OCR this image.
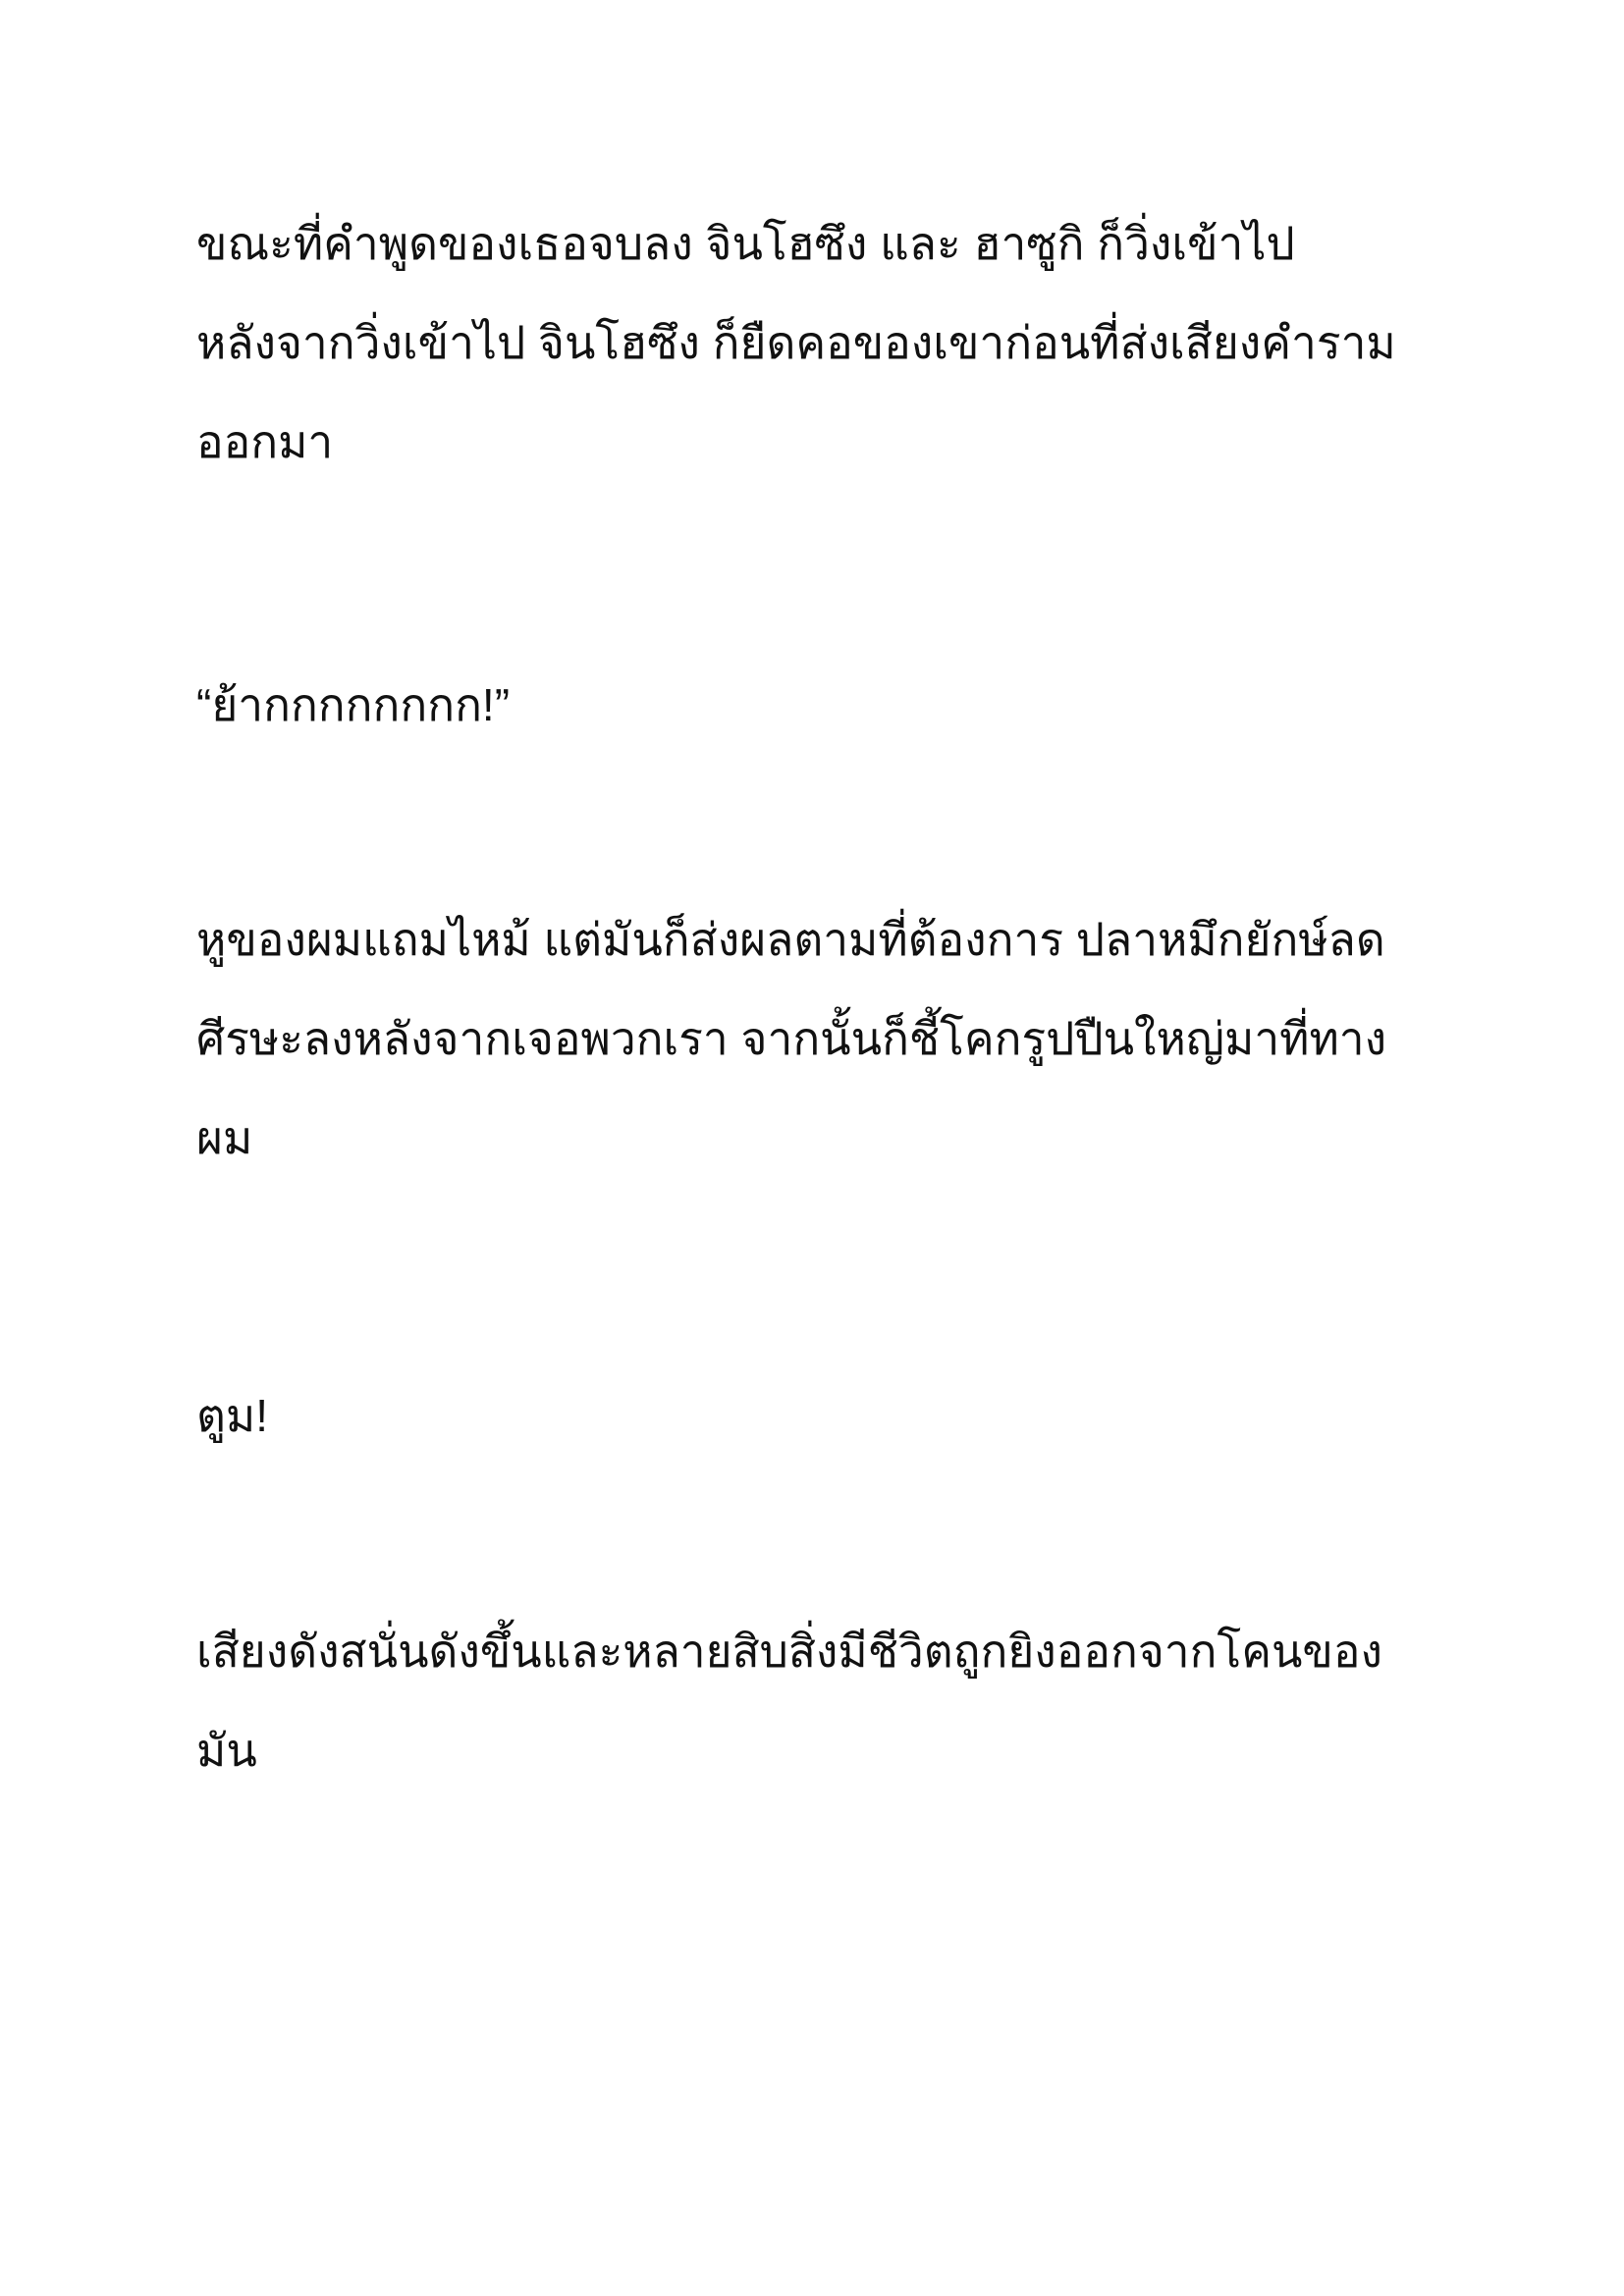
ขณะที่คำพูดของเธอจบลง จินโฮซึง และ ฮาซูกิ ก็วิ่งเข้าไป
หลังจากวิ่งเข้าไป จินโฮซึง ก็ยืดคอของเขาก่อนที่ส่งเสียงคำราม
ออกมา
“ย้ากกกกกกกก!”
หูของผมแถมไหม้ แต่มันก็ส่งผลตามที่ต้องการ ปลาหมึกยักษ์ลด
ศีรษะลงหลังจากเจอพวกเรา จากนั้นก็ชี้โคกรูปปืนใหญ่มาที่ทาง
ผม
ตูม!
เสียงดังสนั่นดังขึ้นและหลายสิบสิ่งมีชีวิตถูกยิงออกจากโคนของ
มัน
